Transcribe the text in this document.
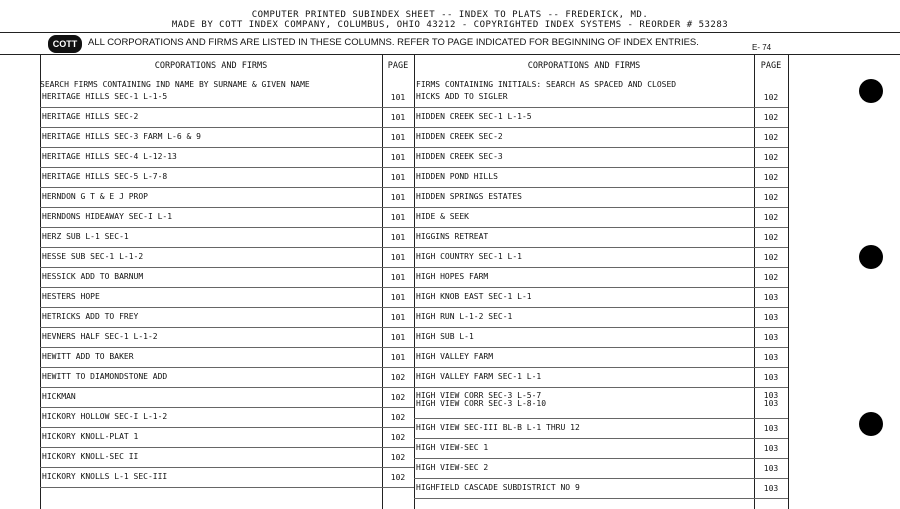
COMPUTER PRINTED SUBINDEX SHEET -- INDEX TO PLATS -- FREDERICK, MD.
MADE BY COTT INDEX COMPANY, COLUMBUS, OHIO 43212 - COPYRIGHTED INDEX SYSTEMS - REORDER # 53283
COTT	ALL CORPORATIONS AND FIRMS ARE LISTED IN THESE COLUMNS. REFER TO PAGE INDICATED FOR BEGINNING OF INDEX ENTRIES.	E- 74
CORPORATIONS AND FIRMS	PAGE	CORPORATIONS AND FIRMS	PAGE
SEARCH FIRMS CONTAINING IND NAME BY SURNAME & GIVEN NAME	FIRMS CONTAINING INITIALS: SEARCH AS SPACED AND CLOSED
HERITAGE HILLS SEC-1 L-1-5	101
HERITAGE HILLS SEC-2	101
HERITAGE HILLS SEC-3 FARM L-6 & 9	101
HERITAGE HILLS SEC-4 L-12-13	101
HERITAGE HILLS SEC-5 L-7-8	101
HERNDON G T & E J PROP	101
HERNDONS HIDEAWAY SEC-I L-1	101
HERZ SUB L-1 SEC-1	101
HESSE SUB SEC-1 L-1-2	101
HESSICK ADD TO BARNUM	101
HESTERS HOPE	101
HETRICKS ADD TO FREY	101
HEVNERS HALF SEC-1 L-1-2	101
HEWITT ADD TO BAKER	101
HEWITT TO DIAMONDSTONE ADD	102
HICKMAN	102
HICKORY HOLLOW SEC-I L-1-2	102
HICKORY KNOLL-PLAT 1	102
HICKORY KNOLL-SEC II	102
HICKORY KNOLLS L-1 SEC-III	102
HICKS ADD TO SIGLER	102
HIDDEN CREEK SEC-1 L-1-5	102
HIDDEN CREEK SEC-2	102
HIDDEN CREEK SEC-3	102
HIDDEN POND HILLS	102
HIDDEN SPRINGS ESTATES	102
HIDE & SEEK	102
HIGGINS RETREAT	102
HIGH COUNTRY SEC-1 L-1	102
HIGH HOPES FARM	102
HIGH KNOB EAST SEC-1 L-1	103
HIGH RUN L-1-2 SEC-1	103
HIGH SUB L-1	103
HIGH VALLEY FARM	103
HIGH VALLEY FARM SEC-1 L-1	103
HIGH VIEW CORR SEC-3 L-5-7	103
HIGH VIEW CORR SEC-3 L-8-10	103
HIGH VIEW SEC-III BL-B L-1 THRU 12	103
HIGH VIEW-SEC 1	103
HIGH VIEW-SEC 2	103
HIGHFIELD CASCADE SUBDISTRICT NO 9	103
